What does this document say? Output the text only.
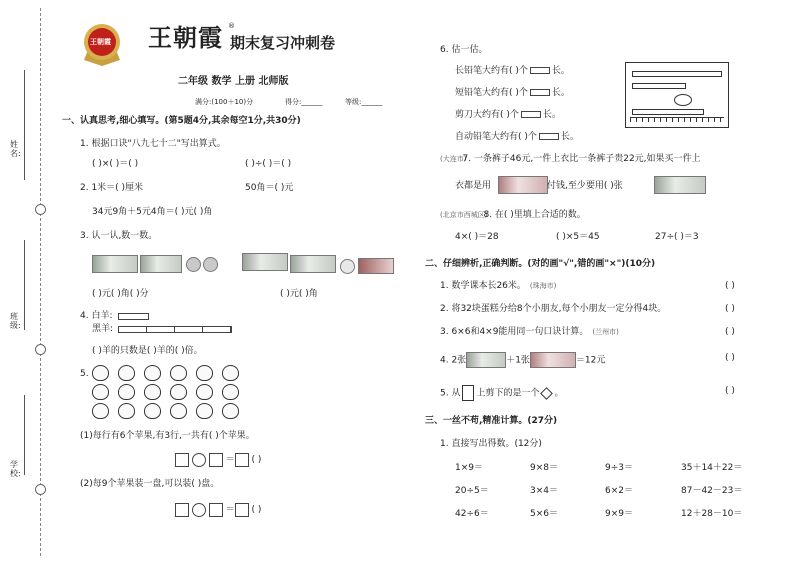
姓名:
班级:
学校:
王朝霞 王朝霞 ®
期末复习冲刺卷
二年级 数学 上册 北师版
满分:(100＋10)分	得分:______	等级:______
一、认真思考,细心填写。(第5题4分,其余每空1分,共30分)
1. 根据口诀"八九七十二"写出算式。
( )×( )＝( )	( )÷( )＝( )
2. 1米＝( )厘米	50角＝( )元
34元9角＋5元4角＝( )元( )角
3. 认一认,数一数。
( )元( )角( )分	( )元( )角
4. 白羊:
黑羊:
( )羊的只数是( )羊的( )倍。
5.
(1)每行有6个苹果,有3行,一共有( )个苹果。
＝ ( )
(2)每9个苹果装一盘,可以装( )盘。
＝ ( )
6. 估一估。
长铅笔大约有( )个	长。
短铅笔大约有( )个	长。
剪刀大约有( )个	长。
自动铅笔大约有( )个	长。
(大连市)7. 一条裤子46元,一件上衣比一条裤子贵22元,如果买一件上
衣都是用	付钱,至少要用( )张
(北京市西城区)8. 在( )里填上合适的数。
4×( )＝28	( )×5＝45	27÷( )＝3
二、仔细辨析,正确判断。(对的画"√",错的画"×")(10分)
1. 数学课本长26米。 (珠海市)	( )
2. 将32块蛋糕分给8个小朋友,每个小朋友一定分得4块。	( )
3. 6×6和4×9能用同一句口诀计算。 (兰州市)	( )
4. 2张	＋1张	＝12元	( )
5. 从 上剪下的是一个 。	( )
三、一丝不苟,精准计算。(27分)
1. 直接写出得数。(12分)
1×9＝	9×8＝	9÷3＝	35＋14＋22＝
20÷5＝	3×4＝	6×2＝	87－42－23＝
42÷6＝	5×6＝	9×9＝	12＋28－10＝
